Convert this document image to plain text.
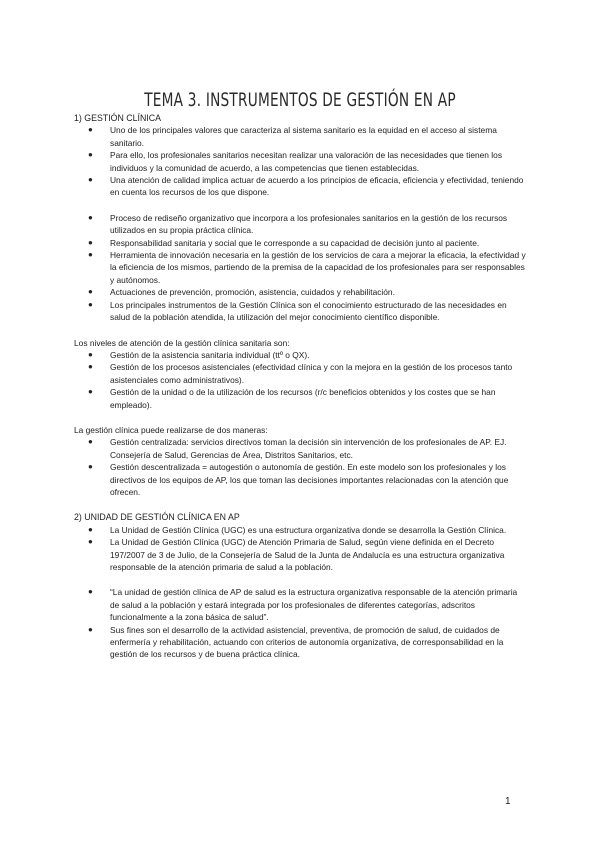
TEMA 3. INSTRUMENTOS DE GESTIÓN EN AP
1) GESTIÓN CLÍNICA
● Uno de los principales valores que caracteriza al sistema sanitario es la equidad en el acceso al sistema sanitario.
● Para ello, los profesionales sanitarios necesitan realizar una valoración de las necesidades que tienen los individuos y la comunidad de acuerdo, a las competencias que tienen establecidas.
● Una atención de calidad implica actuar de acuerdo a los principios de eficacia, eficiencia y efectividad, teniendo en cuenta los recursos de los que dispone.
● Proceso de rediseño organizativo que incorpora a los profesionales sanitarios en la gestión de los recursos utilizados en su propia práctica clínica.
● Responsabilidad sanitaria y social que le corresponde a su capacidad de decisión junto al paciente.
● Herramienta de innovación necesaria en la gestión de los servicios de cara a mejorar la eficacia, la efectividad y la eficiencia de los mismos, partiendo de la premisa de la capacidad de los profesionales para ser responsables y autónomos.
● Actuaciones de prevención, promoción, asistencia, cuidados y rehabilitación.
● Los principales instrumentos de la Gestión Clínica son el conocimiento estructurado de las necesidades en salud de la población atendida, la utilización del mejor conocimiento científico disponible.

Los niveles de atención de la gestión clínica sanitaria son:

● Gestión de la asistencia sanitaria individual (ttº o QX).
● Gestión de los procesos asistenciales (efectividad clínica y con la mejora en la gestión de los procesos tanto asistenciales como administrativos).
● Gestión de la unidad o de la utilización de los recursos (r/c beneficios obtenidos y los costes que se han empleado).

La gestión clínica puede realizarse de dos maneras:

● Gestión centralizada: servicios directivos toman la decisión sin intervención de los profesionales de AP. EJ. Consejería de Salud, Gerencias de Área, Distritos Sanitarios, etc.
● Gestión descentralizada = autogestión o autonomía de gestión. En este modelo son los profesionales y los directivos de los equipos de AP, los que toman las decisiones importantes relacionadas con la atención que ofrecen.
2) UNIDAD DE GESTIÓN CLÍNICA EN AP
● La Unidad de Gestión Clínica (UGC) es una estructura organizativa donde se desarrolla la Gestión Clínica.
● La Unidad de Gestión Clínica (UGC) de Atención Primaria de Salud, según viene definida en el Decreto 197/2007 de 3 de Julio, de la Consejería de Salud de la Junta de Andalucía es una estructura organizativa responsable de la atención primaria de salud a la población.
● “La unidad de gestión clínica de AP de salud es la estructura organizativa responsable de la atención primaria de salud a la población y estará integrada por los profesionales de diferentes categorías, adscritos funcionalmente a la zona básica de salud”.
● Sus fines son el desarrollo de la actividad asistencial, preventiva, de promoción de salud, de cuidados de enfermería y rehabilitación, actuando con criterios de autonomía organizativa, de corresponsabilidad en la gestión de los recursos y de buena práctica clínica.
1
